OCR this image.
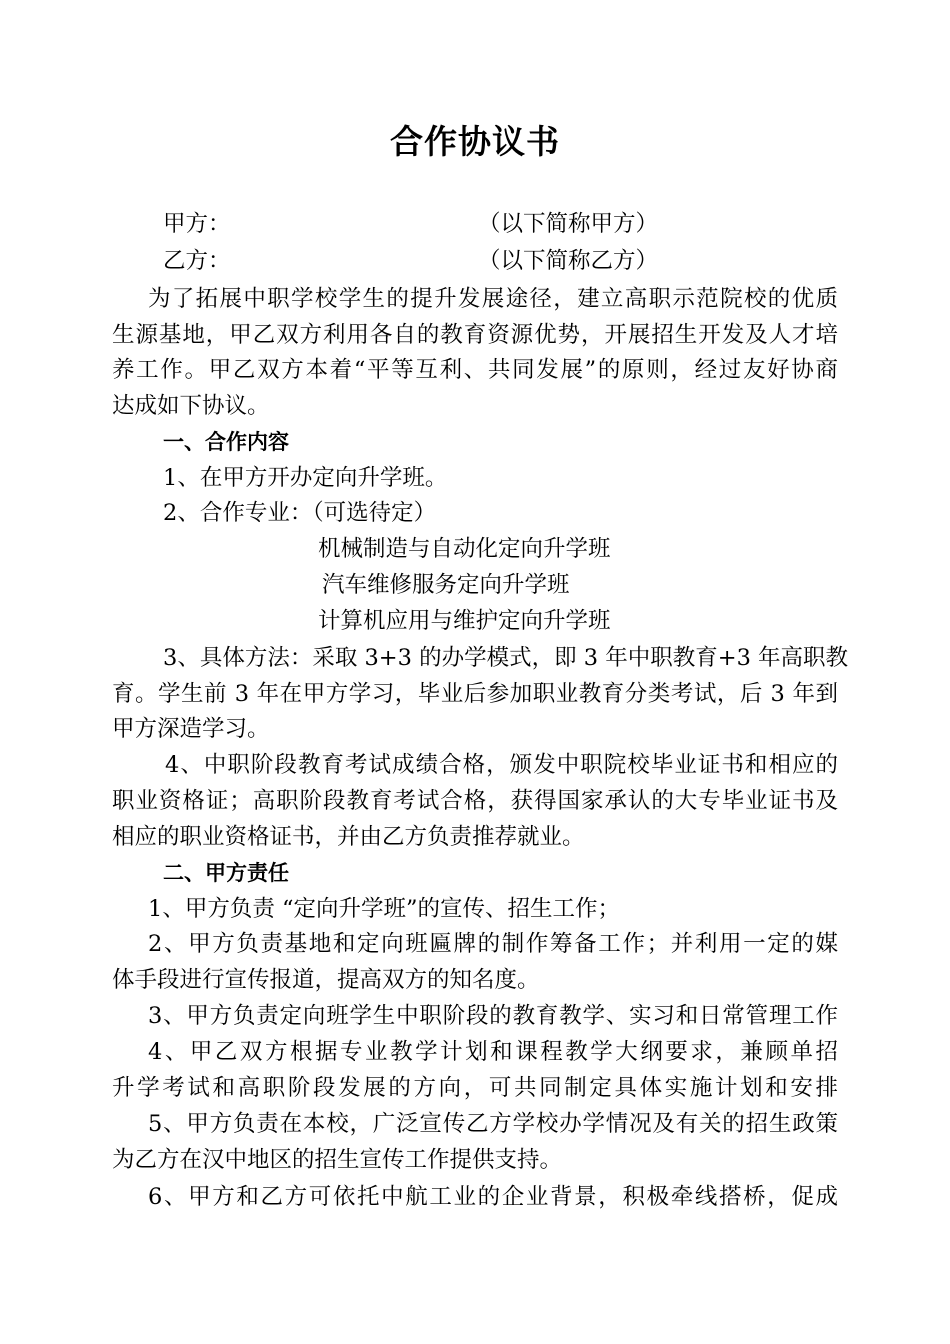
合作协议书
甲方：	（以下简称甲方）
乙方：	（以下简称乙方）
为了拓展中职学校学生的提升发展途径，建立高职示范院校的优质
生源基地，甲乙双方利用各自的教育资源优势，开展招生开发及人才培
养工作。甲乙双方本着“平等互利、共同发展”的原则，经过友好协商
达成如下协议。
一、合作内容
1、在甲方开办定向升学班。
2、合作专业：（可选待定）
机械制造与自动化定向升学班
汽车维修服务定向升学班
计算机应用与维护定向升学班
3、具体方法：采取 3+3 的办学模式，即 3 年中职教育+3 年高职教
育。学生前 3 年在甲方学习，毕业后参加职业教育分类考试，后 3 年到
甲方深造学习。
4、中职阶段教育考试成绩合格，颁发中职院校毕业证书和相应的
职业资格证；高职阶段教育考试合格，获得国家承认的大专毕业证书及
相应的职业资格证书，并由乙方负责推荐就业。
二、甲方责任
1、甲方负责 “定向升学班”的宣传、招生工作；
2、甲方负责基地和定向班匾牌的制作筹备工作；并利用一定的媒
体手段进行宣传报道，提高双方的知名度。
3、甲方负责定向班学生中职阶段的教育教学、实习和日常管理工作
4、甲乙双方根据专业教学计划和课程教学大纲要求，兼顾单招
升学考试和高职阶段发展的方向，可共同制定具体实施计划和安排
5、甲方负责在本校，广泛宣传乙方学校办学情况及有关的招生政策
为乙方在汉中地区的招生宣传工作提供支持。
6、甲方和乙方可依托中航工业的企业背景，积极牵线搭桥，促成
